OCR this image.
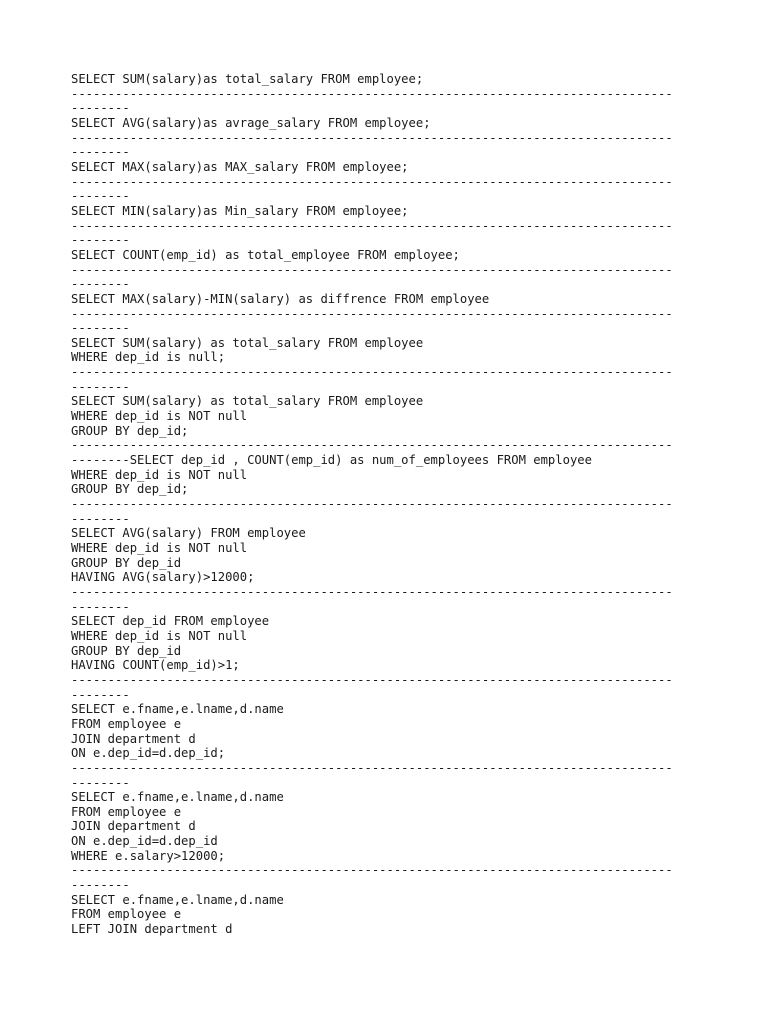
SELECT SUM(salary)as total_salary FROM employee;
----------------------------------------------------------------------------------
--------
SELECT AVG(salary)as avrage_salary FROM employee;
----------------------------------------------------------------------------------
--------
SELECT MAX(salary)as MAX_salary FROM employee;
----------------------------------------------------------------------------------
--------
SELECT MIN(salary)as Min_salary FROM employee;
----------------------------------------------------------------------------------
--------
SELECT COUNT(emp_id) as total_employee FROM employee;
----------------------------------------------------------------------------------
--------
SELECT MAX(salary)-MIN(salary) as diffrence FROM employee
----------------------------------------------------------------------------------
--------
SELECT SUM(salary) as total_salary FROM employee
WHERE dep_id is null;
----------------------------------------------------------------------------------
--------
SELECT SUM(salary) as total_salary FROM employee
WHERE dep_id is NOT null
GROUP BY dep_id;
----------------------------------------------------------------------------------
--------SELECT dep_id , COUNT(emp_id) as num_of_employees FROM employee
WHERE dep_id is NOT null
GROUP BY dep_id;
----------------------------------------------------------------------------------
--------
SELECT AVG(salary) FROM employee
WHERE dep_id is NOT null
GROUP BY dep_id
HAVING AVG(salary)>12000;
----------------------------------------------------------------------------------
--------
SELECT dep_id FROM employee
WHERE dep_id is NOT null
GROUP BY dep_id
HAVING COUNT(emp_id)>1;
----------------------------------------------------------------------------------
--------
SELECT e.fname,e.lname,d.name
FROM employee e
JOIN department d
ON e.dep_id=d.dep_id;
----------------------------------------------------------------------------------
--------
SELECT e.fname,e.lname,d.name
FROM employee e
JOIN department d
ON e.dep_id=d.dep_id
WHERE e.salary>12000;
----------------------------------------------------------------------------------
--------
SELECT e.fname,e.lname,d.name
FROM employee e
LEFT JOIN department d
